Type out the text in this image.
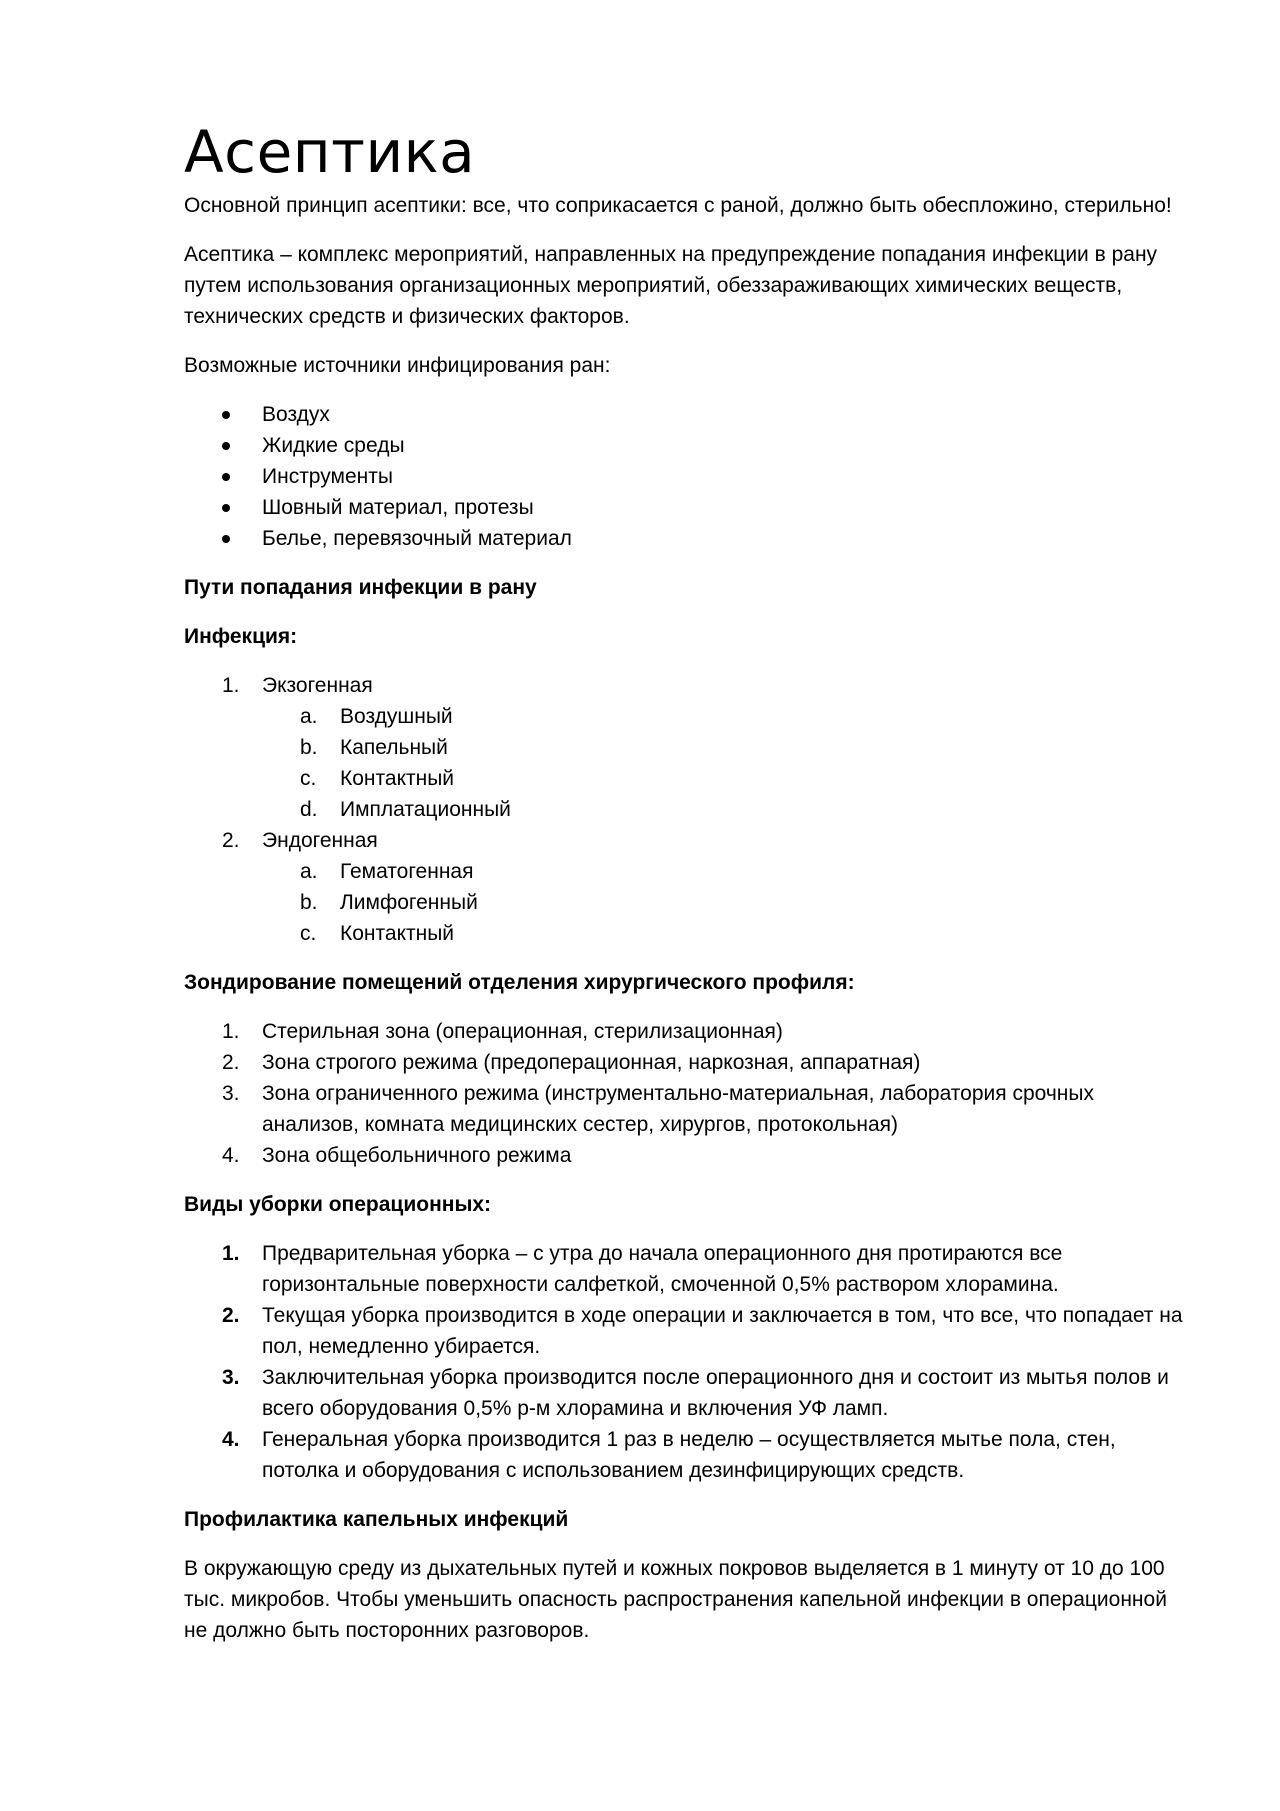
Асептика

Основной принцип асептики: все, что соприкасается с раной, должно быть обеспложино, стерильно!

Асептика – комплекс мероприятий, направленных на предупреждение попадания инфекции в рану путем использования организационных мероприятий, обеззараживающих химических веществ, технических средств и физических факторов.

Возможные источники инфицирования ран:

Воздух
Жидкие среды
Инструменты
Шовный материал, протезы
Белье, перевязочный материал

Пути попадания инфекции в рану

Инфекция:

1.	Экзогенная
a.	Воздушный
b.	Капельный
c.	Контактный
d.	Имплатационный
2.	Эндогенная
a.	Гематогенная
b.	Лимфогенный
c.	Контактный

Зондирование помещений отделения хирургического профиля:

1.	Стерильная зона (операционная, стерилизационная)
2.	Зона строгого режима (предоперационная, наркозная, аппаратная)
3.	Зона ограниченного режима (инструментально-материальная, лаборатория срочных анализов, комната медицинских сестер, хирургов, протокольная)
4.	Зона общебольничного режима

Виды уборки операционных:

1.	Предварительная уборка – с утра до начала операционного дня протираются все горизонтальные поверхности салфеткой, смоченной 0,5% раствором хлорамина.
2.	Текущая уборка производится в ходе операции и заключается в том, что все, что попадает на пол, немедленно убирается.
3.	Заключительная уборка производится после операционного дня и состоит из мытья полов и всего оборудования 0,5% р-м хлорамина и включения УФ ламп.
4.	Генеральная уборка производится 1 раз в неделю – осуществляется мытье пола, стен, потолка и оборудования с использованием дезинфицирующих средств.

Профилактика капельных инфекций

В окружающую среду из дыхательных путей и кожных покровов выделяется в 1 минуту от 10 до 100 тыс. микробов. Чтобы уменьшить опасность распространения капельной инфекции в операционной не должно быть посторонних разговоров.
